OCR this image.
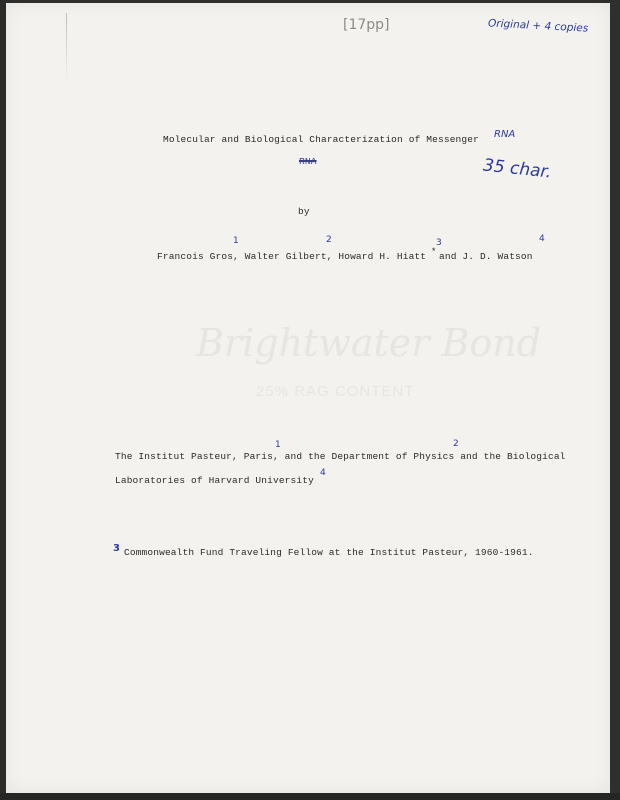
[17pp]	Original + 4 copies
RNA
35 char.
Molecular and Biological Characterization of Messenger
RNA
by
Francois Gros, Walter Gilbert, Howard H. Hiatt * and J. D. Watson
1	2	3	4
Brightwater Bond
25% RAG CONTENT
The Institut Pasteur, Paris, and the Department of Physics and the Biological
Laboratories of Harvard University
1	2
4
3 Commonwealth Fund Traveling Fellow at the Institut Pasteur, 1960-1961.
